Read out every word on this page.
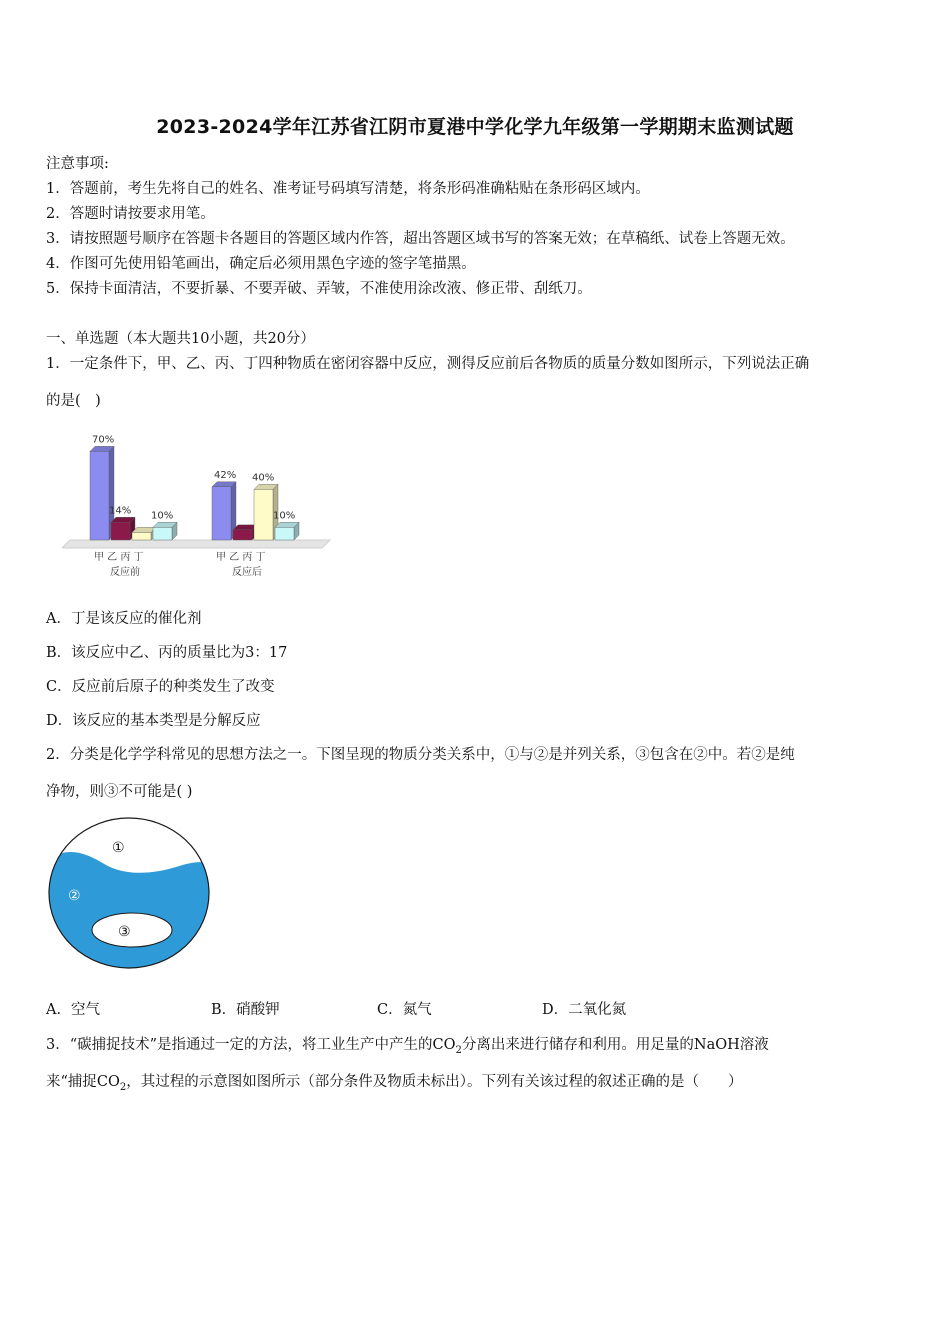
2023-2024学年江苏省江阴市夏港中学化学九年级第一学期期末监测试题
注意事项:
1．答题前，考生先将自己的姓名、准考证号码填写清楚，将条形码准确粘贴在条形码区域内。
2．答题时请按要求用笔。
3．请按照题号顺序在答题卡各题目的答题区域内作答，超出答题区域书写的答案无效；在草稿纸、试卷上答题无效。
4．作图可先使用铅笔画出，确定后必须用黑色字迹的签字笔描黑。
5．保持卡面清洁，不要折暴、不要弄破、弄皱，不准使用涂改液、修正带、刮纸刀。
一、单选题（本大题共10小题，共20分）
1．一定条件下，甲、乙、丙、丁四种物质在密闭容器中反应，测得反应前后各物质的质量分数如图所示，下列说法正确
的是(　)
70%
14% 10%
甲 乙 丙 丁
反应前
42% 40%
10%
甲 乙 丙 丁
反应后
A．丁是该反应的催化剂
B．该反应中乙、丙的质量比为3：17
C．反应前后原子的种类发生了改变
D．该反应的基本类型是分解反应
2．分类是化学学科常见的思想方法之一。下图呈现的物质分类关系中，①与②是并列关系，③包含在②中。若②是纯
净物，则③不可能是( )
①
②
③
A．空气	B．硝酸钾	C．氮气	D．二氧化氮
3．“碳捕捉技术”是指通过一定的方法，将工业生产中产生的$CO_2$分离出来进行储存和利用。用足量的NaOH溶液
来“捕捉$CO_2$，其过程的示意图如图所示（部分条件及物质未标出）。下列有关该过程的叙述正确的是（　　）
